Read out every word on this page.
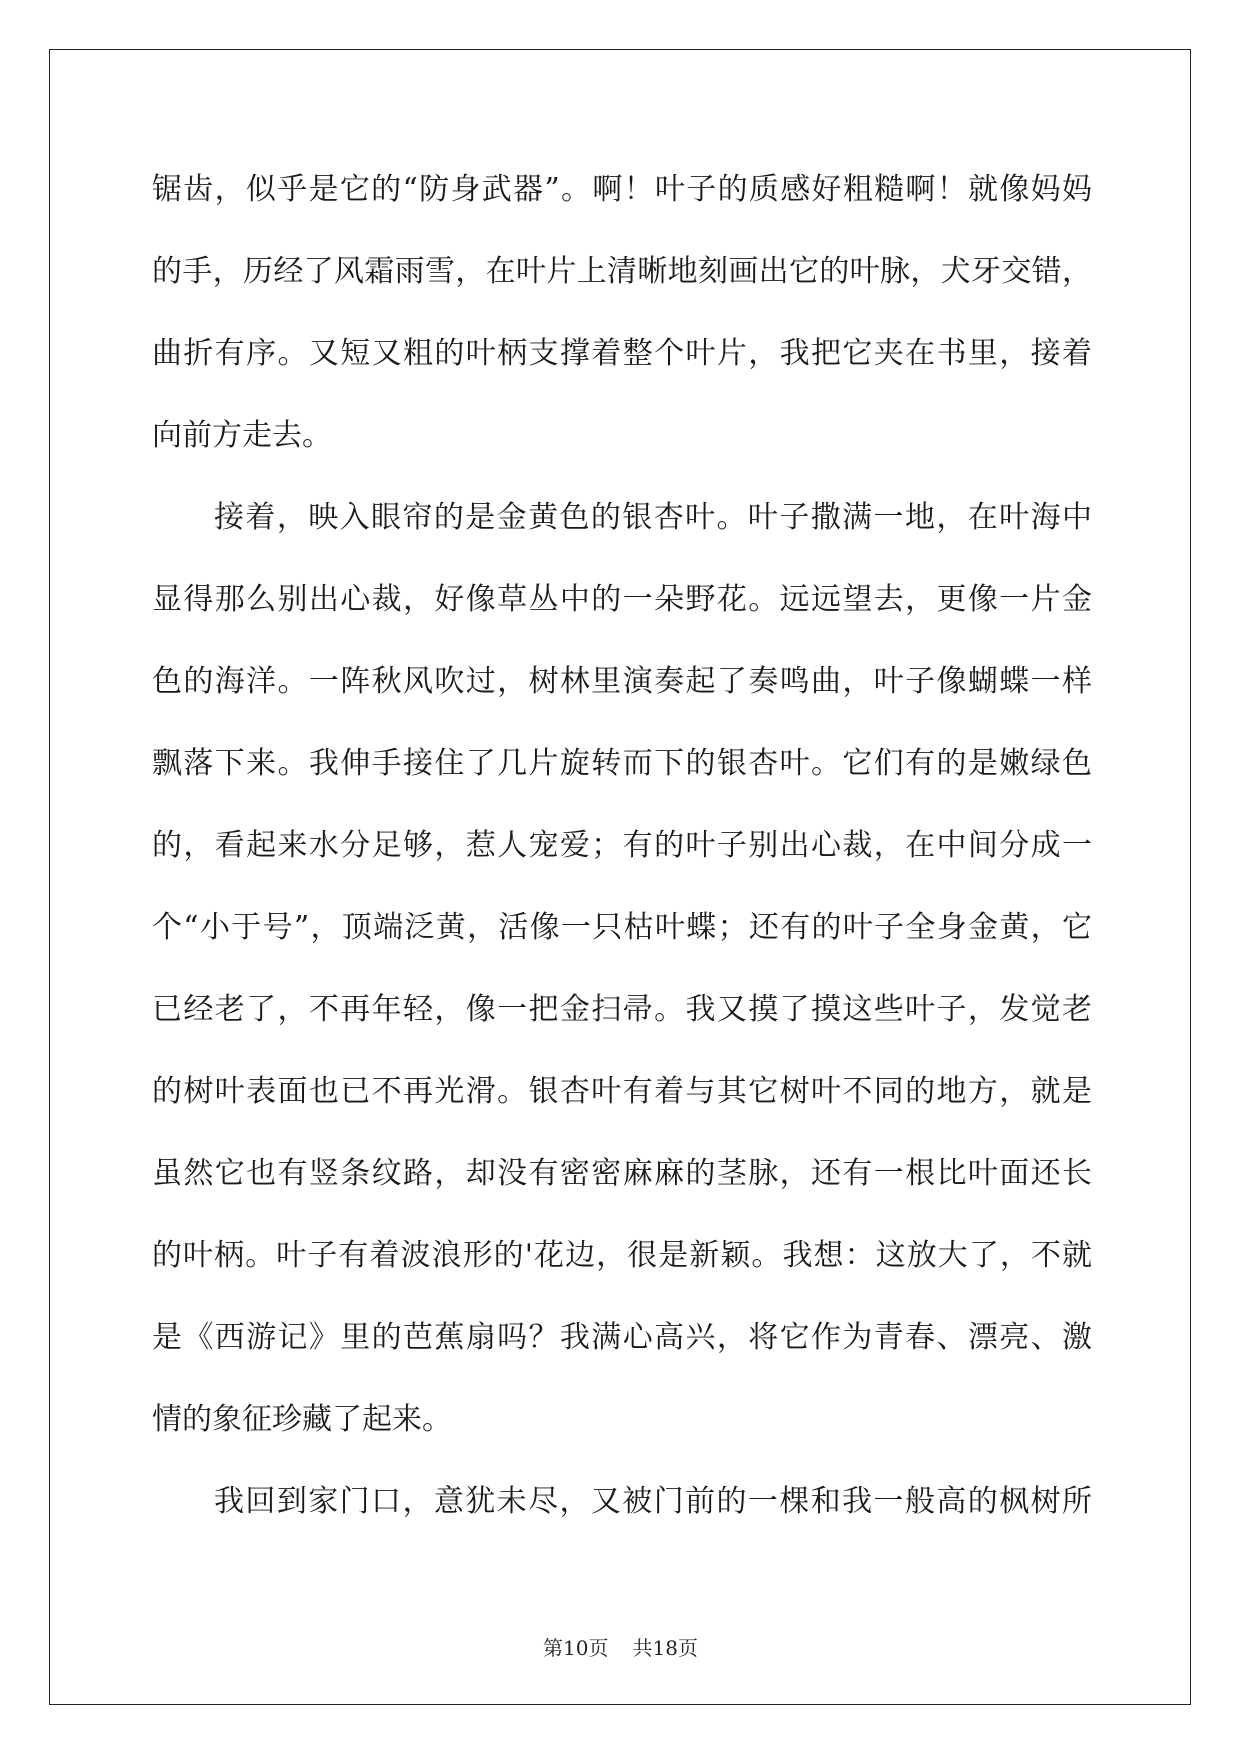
锯齿，似乎是它的“防身武器”。啊！叶子的质感好粗糙啊！就像妈妈
的手，历经了风霜雨雪，在叶片上清晰地刻画出它的叶脉，犬牙交错，
曲折有序。又短又粗的叶柄支撑着整个叶片，我把它夹在书里，接着
向前方走去。
接着，映入眼帘的是金黄色的银杏叶。叶子撒满一地，在叶海中
显得那么别出心裁，好像草丛中的一朵野花。远远望去，更像一片金
色的海洋。一阵秋风吹过，树林里演奏起了奏鸣曲，叶子像蝴蝶一样
飘落下来。我伸手接住了几片旋转而下的银杏叶。它们有的是嫩绿色
的，看起来水分足够，惹人宠爱；有的叶子别出心裁，在中间分成一
个“小于号”，顶端泛黄，活像一只枯叶蝶；还有的叶子全身金黄，它
已经老了，不再年轻，像一把金扫帚。我又摸了摸这些叶子，发觉老
的树叶表面也已不再光滑。银杏叶有着与其它树叶不同的地方，就是
虽然它也有竖条纹路，却没有密密麻麻的茎脉，还有一根比叶面还长
的叶柄。叶子有着波浪形的'花边，很是新颖。我想：这放大了，不就
是《西游记》里的芭蕉扇吗？我满心高兴，将它作为青春、漂亮、激
情的象征珍藏了起来。
我回到家门口，意犹未尽，又被门前的一棵和我一般高的枫树所
第10页 共18页
